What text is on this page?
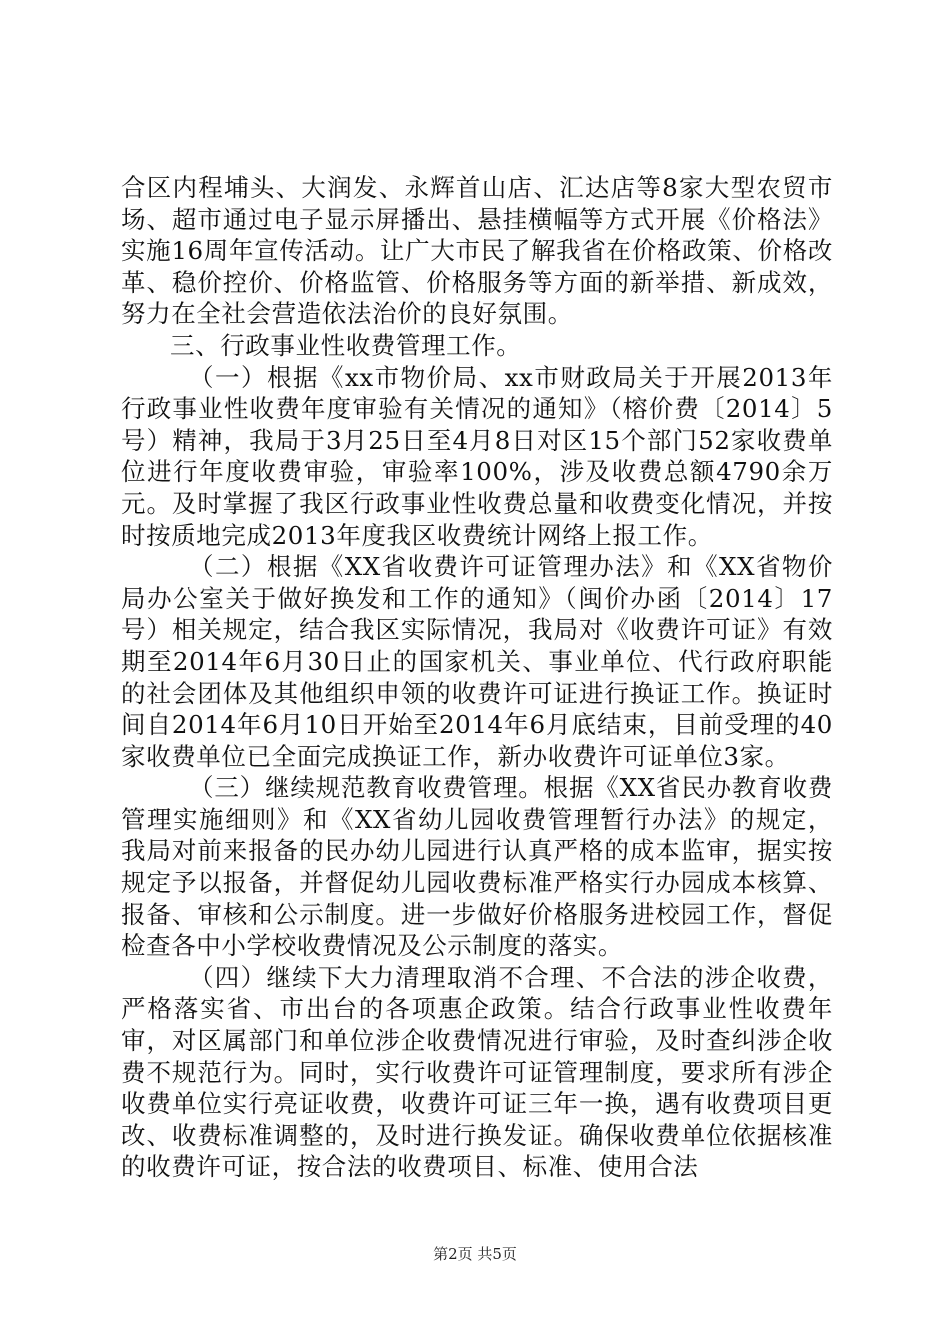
合区内程埔头、大润发、永辉首山店、汇达店等8家大型农贸市场、超市通过电子显示屏播出、悬挂横幅等方式开展《价格法》实施16周年宣传活动。让广大市民了解我省在价格政策、价格改革、稳价控价、价格监管、价格服务等方面的新举措、新成效，努力在全社会营造依法治价的良好氛围。

三、行政事业性收费管理工作。

（一）根据《xx市物价局、xx市财政局关于开展2013年行政事业性收费年度审验有关情况的通知》（榕价费〔2014〕5号）精神，我局于3月25日至4月8日对区15个部门52家收费单位进行年度收费审验，审验率100%，涉及收费总额4790余万元。及时掌握了我区行政事业性收费总量和收费变化情况，并按时按质地完成2013年度我区收费统计网络上报工作。

（二）根据《XX省收费许可证管理办法》和《XX省物价局办公室关于做好换发和工作的通知》（闽价办函〔2014〕17号）相关规定，结合我区实际情况，我局对《收费许可证》有效期至2014年6月30日止的国家机关、事业单位、代行政府职能的社会团体及其他组织申领的收费许可证进行换证工作。换证时间自2014年6月10日开始至2014年6月底结束，目前受理的40家收费单位已全面完成换证工作，新办收费许可证单位3家。

（三）继续规范教育收费管理。根据《XX省民办教育收费管理实施细则》和《XX省幼儿园收费管理暂行办法》的规定，我局对前来报备的民办幼儿园进行认真严格的成本监审，据实按规定予以报备，并督促幼儿园收费标准严格实行办园成本核算、报备、审核和公示制度。进一步做好价格服务进校园工作，督促检查各中小学校收费情况及公示制度的落实。

（四）继续下大力清理取消不合理、不合法的涉企收费，严格落实省、市出台的各项惠企政策。结合行政事业性收费年审，对区属部门和单位涉企收费情况进行审验，及时查纠涉企收费不规范行为。同时，实行收费许可证管理制度，要求所有涉企收费单位实行亮证收费，收费许可证三年一换，遇有收费项目更改、收费标准调整的，及时进行换发证。确保收费单位依据核准的收费许可证，按合法的收费项目、标准、使用合法

第2页 共5页
